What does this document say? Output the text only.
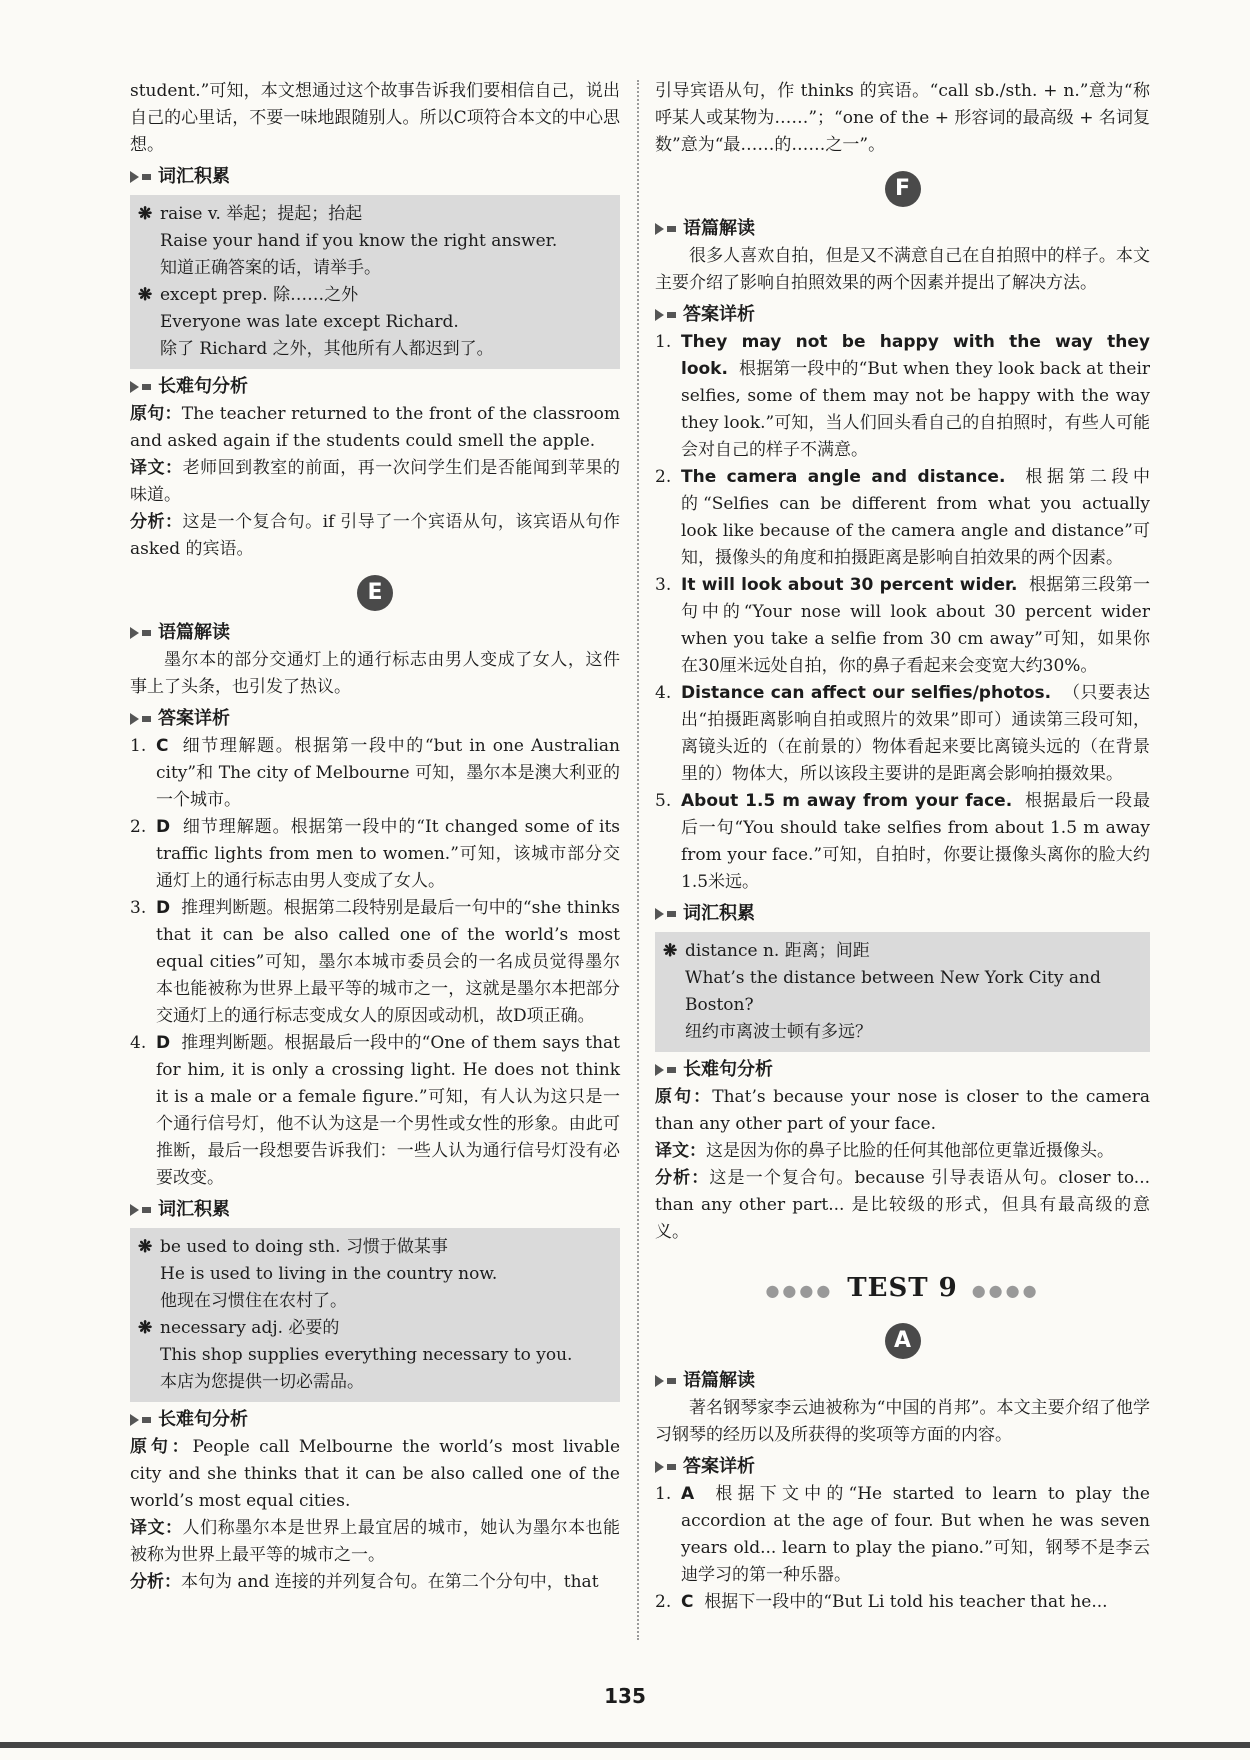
student.”可知，本文想通过这个故事告诉我们要相信自己，说出自己的心里话，不要一味地跟随别人。所以C项符合本文的中心思想。

词汇积累
❋ raise v. 举起；提起；抬起
Raise your hand if you know the right answer.
知道正确答案的话，请举手。
❋ except prep. 除……之外
Everyone was late except Richard.
除了 Richard 之外，其他所有人都迟到了。
长难句分析

原句：The teacher returned to the front of the classroom and asked again if the students could smell the apple.

译文：老师回到教室的前面，再一次问学生们是否能闻到苹果的味道。

分析：这是一个复合句。if 引导了一个宾语从句，该宾语从句作 asked 的宾语。

E
语篇解读

墨尔本的部分交通灯上的通行标志由男人变成了女人，这件事上了头条，也引发了热议。

答案详析
1. C 细节理解题。根据第一段中的“but in one Australian city”和 The city of Melbourne 可知，墨尔本是澳大利亚的一个城市。

2. D 细节理解题。根据第一段中的“It changed some of its traffic lights from men to women.”可知，该城市部分交通灯上的通行标志由男人变成了女人。

3. D 推理判断题。根据第二段特别是最后一句中的“she thinks that it can be also called one of the world’s most equal cities”可知，墨尔本城市委员会的一名成员觉得墨尔本也能被称为世界上最平等的城市之一，这就是墨尔本把部分交通灯上的通行标志变成女人的原因或动机，故D项正确。

4. D 推理判断题。根据最后一段中的“One of them says that for him, it is only a crossing light. He does not think it is a male or a female figure.”可知，有人认为这只是一个通行信号灯，他不认为这是一个男性或女性的形象。由此可推断，最后一段想要告诉我们：一些人认为通行信号灯没有必要改变。

词汇积累
❋ be used to doing sth. 习惯于做某事
He is used to living in the country now.
他现在习惯住在农村了。
❋ necessary adj. 必要的
This shop supplies everything necessary to you.
本店为您提供一切必需品。
长难句分析

原句：People call Melbourne the world’s most livable city and she thinks that it can be also called one of the world’s most equal cities.

译文：人们称墨尔本是世界上最宜居的城市，她认为墨尔本也能被称为世界上最平等的城市之一。

分析：本句为 and 连接的并列复合句。在第二个分句中，that

引导宾语从句，作 thinks 的宾语。“call sb./sth. + n.”意为“称呼某人或某物为……”；“one of the + 形容词的最高级 + 名词复数”意为“最……的……之一”。

F
语篇解读

很多人喜欢自拍，但是又不满意自己在自拍照中的样子。本文主要介绍了影响自拍照效果的两个因素并提出了解决方法。

答案详析
1. They may not be happy with the way they look. 根据第一段中的“But when they look back at their selfies, some of them may not be happy with the way they look.”可知，当人们回头看自己的自拍照时，有些人可能会对自己的样子不满意。

2. The camera angle and distance. 根据第二段中的“Selfies can be different from what you actually look like because of the camera angle and distance”可知，摄像头的角度和拍摄距离是影响自拍效果的两个因素。

3. It will look about 30 percent wider. 根据第三段第一句中的“Your nose will look about 30 percent wider when you take a selfie from 30 cm away”可知，如果你在30厘米远处自拍，你的鼻子看起来会变宽大约30%。

4. Distance can affect our selfies/photos. （只要表达出“拍摄距离影响自拍或照片的效果”即可）通读第三段可知，离镜头近的（在前景的）物体看起来要比离镜头远的（在背景里的）物体大，所以该段主要讲的是距离会影响拍摄效果。

5. About 1.5 m away from your face. 根据最后一段最后一句“You should take selfies from about 1.5 m away from your face.”可知，自拍时，你要让摄像头离你的脸大约1.5米远。

词汇积累
❋ distance n. 距离；间距
What’s the distance between New York City and Boston?
纽约市离波士顿有多远？
长难句分析

原句：That’s because your nose is closer to the camera than any other part of your face.

译文：这是因为你的鼻子比脸的任何其他部位更靠近摄像头。

分析：这是一个复合句。because 引导表语从句。closer to... than any other part... 是比较级的形式，但具有最高级的意义。

●●●● TEST 9 ●●●●
A
语篇解读

著名钢琴家李云迪被称为“中国的肖邦”。本文主要介绍了他学习钢琴的经历以及所获得的奖项等方面的内容。

答案详析
1. A 根据下文中的“He started to learn to play the accordion at the age of four. But when he was seven years old... learn to play the piano.”可知，钢琴不是李云迪学习的第一种乐器。

2. C 根据下一段中的“But Li told his teacher that he...

135
